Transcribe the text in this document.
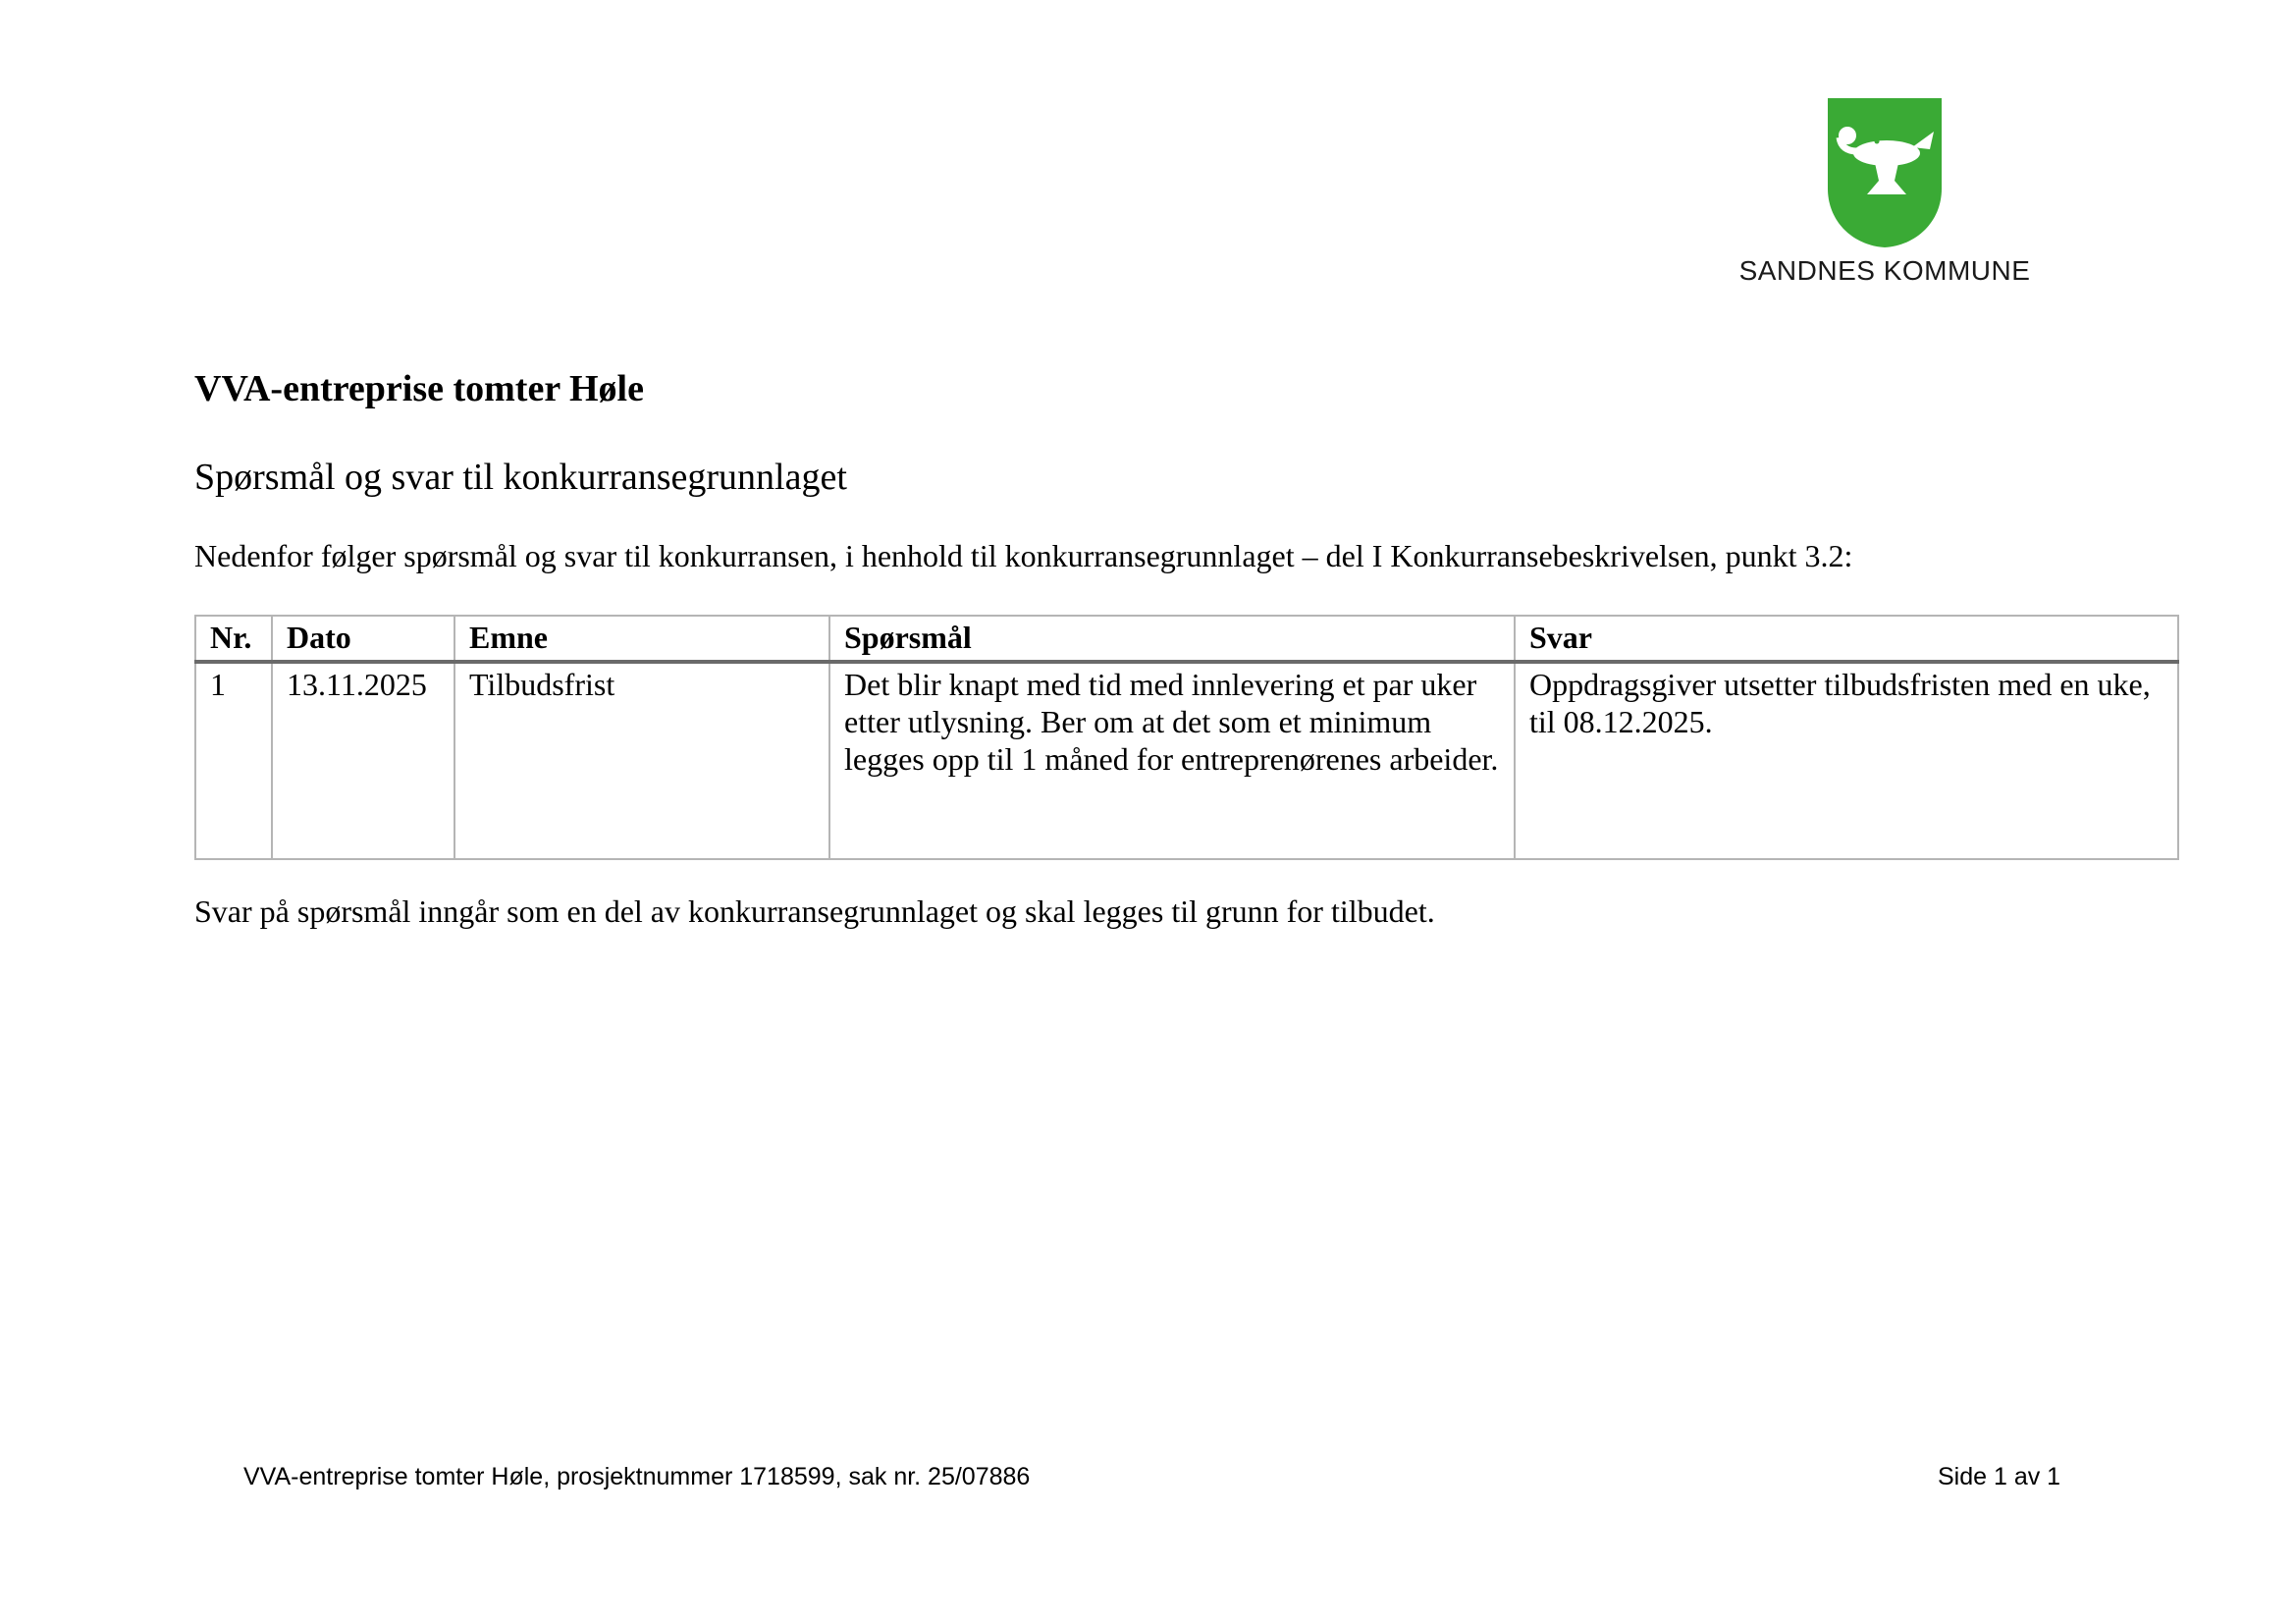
SANDNES KOMMUNE
VVA-entreprise tomter Høle
Spørsmål og svar til konkurransegrunnlaget

Nedenfor følger spørsmål og svar til konkurransen, i henhold til konkurransegrunnlaget – del I Konkurransebeskrivelsen, punkt 3.2:

Nr.	Dato	Emne	Spørsmål	Svar
1	13.11.2025	Tilbudsfrist	Det blir knapt med tid med innlevering et par uker etter utlysning. Ber om at det som et minimum legges opp til 1 måned for entreprenørenes arbeider.	Oppdragsgiver utsetter tilbudsfristen med en uke, til 08.12.2025.

Svar på spørsmål inngår som en del av konkurransegrunnlaget og skal legges til grunn for tilbudet.

VVA-entreprise tomter Høle, prosjektnummer 1718599, sak nr. 25/07886	Side 1 av 1
